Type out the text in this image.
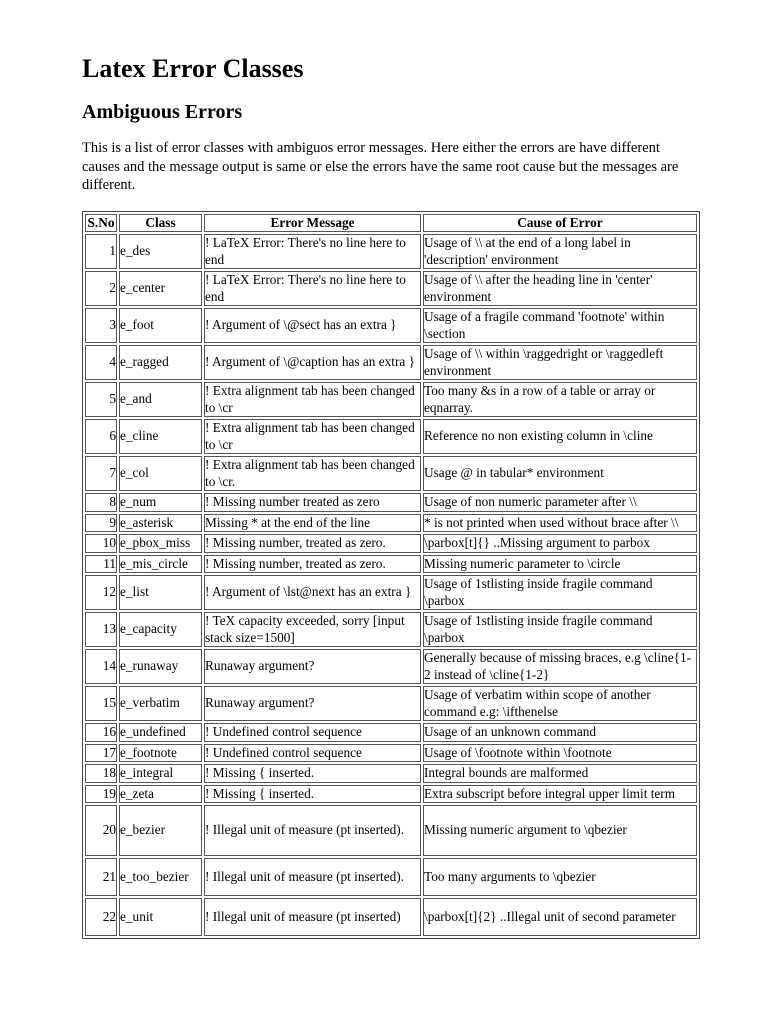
Latex Error Classes
Ambiguous Errors

This is a list of error classes with ambiguos error messages. Here either the errors are have different causes and the message output is same or else the errors have the same root cause but the messages are different.

S.No	Class	Error Message	Cause of Error
1	e_des	! LaTeX Error: There's no line here to end	Usage of \\ at the end of a long label in 'description' environment
2	e_center	! LaTeX Error: There's no line here to end	Usage of \\ after the heading line in 'center' environment
3	e_foot	! Argument of \@sect has an extra }	Usage of a fragile command 'footnote' within \section
4	e_ragged	! Argument of \@caption has an extra }	Usage of \\ within \raggedright or \raggedleft environment
5	e_and	! Extra alignment tab has been changed to \cr	Too many &s in a row of a table or array or eqnarray.
6	e_cline	! Extra alignment tab has been changed to \cr	Reference no non existing column in \cline
7	e_col	! Extra alignment tab has been changed to \cr.	Usage @ in tabular* environment
8	e_num	! Missing number treated as zero	Usage of non numeric parameter after \\
9	e_asterisk	Missing * at the end of the line	* is not printed when used without brace after \\
10	e_pbox_miss	! Missing number, treated as zero.	\parbox[t]{} ..Missing argument to parbox
11	e_mis_circle	! Missing number, treated as zero.	Missing numeric parameter to \circle
12	e_list	! Argument of \lst@next has an extra }	Usage of 1stlisting inside fragile command \parbox
13	e_capacity	! TeX capacity exceeded, sorry [input stack size=1500]	Usage of 1stlisting inside fragile command \parbox
14	e_runaway	Runaway argument?	Generally because of missing braces, e.g \cline{1-2 instead of \cline{1-2}
15	e_verbatim	Runaway argument?	Usage of verbatim within scope of another command e.g: \ifthenelse
16	e_undefined	! Undefined control sequence	Usage of an unknown command
17	e_footnote	! Undefined control sequence	Usage of \footnote within \footnote
18	e_integral	! Missing { inserted.	Integral bounds are malformed
19	e_zeta	! Missing { inserted.	Extra subscript before integral upper limit term
20	e_bezier	! Illegal unit of measure (pt inserted).	Missing numeric argument to \qbezier
21	e_too_bezier	! Illegal unit of measure (pt inserted).	Too many arguments to \qbezier
22	e_unit	! Illegal unit of measure (pt inserted)	\parbox[t]{2} ..Illegal unit of second parameter
